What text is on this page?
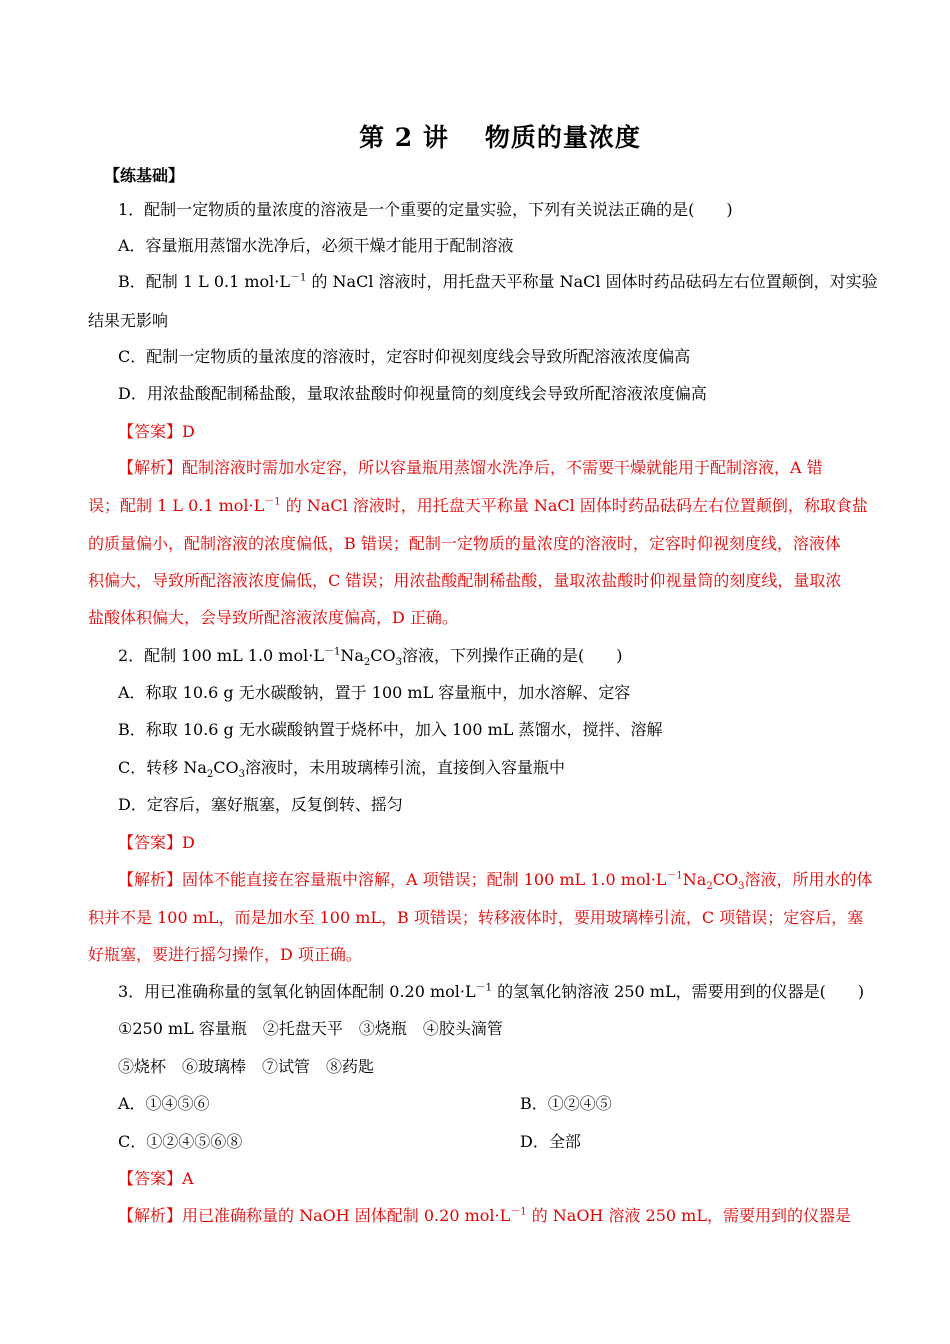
第 2 讲 物质的量浓度
【练基础】
1．配制一定物质的量浓度的溶液是一个重要的定量实验，下列有关说法正确的是(　　)
A．容量瓶用蒸馏水洗净后，必须干燥才能用于配制溶液
B．配制 1 L 0.1 $mol\cdot L^{-1}$ 的 NaCl 溶液时，用托盘天平称量 NaCl 固体时药品砝码左右位置颠倒，对实验
结果无影响
C．配制一定物质的量浓度的溶液时，定容时仰视刻度线会导致所配溶液浓度偏高
D．用浓盐酸配制稀盐酸，量取浓盐酸时仰视量筒的刻度线会导致所配溶液浓度偏高
【答案】D
【解析】配制溶液时需加水定容，所以容量瓶用蒸馏水洗净后，不需要干燥就能用于配制溶液，A 错
误；配制 1 L 0.1 $mol\cdot L^{-1}$ 的 NaCl 溶液时，用托盘天平称量 NaCl 固体时药品砝码左右位置颠倒，称取食盐
的质量偏小，配制溶液的浓度偏低，B 错误；配制一定物质的量浓度的溶液时，定容时仰视刻度线，溶液体
积偏大，导致所配溶液浓度偏低，C 错误；用浓盐酸配制稀盐酸，量取浓盐酸时仰视量筒的刻度线，量取浓
盐酸体积偏大，会导致所配溶液浓度偏高，D 正确。
2．配制 100 mL 1.0 $mol\cdot L^{-1}Na_2CO_3$溶液，下列操作正确的是(　　)
A．称取 10.6 g 无水碳酸钠，置于 100 mL 容量瓶中，加水溶解、定容
B．称取 10.6 g 无水碳酸钠置于烧杯中，加入 100 mL 蒸馏水，搅拌、溶解
C．转移 $Na_2CO_3$溶液时，未用玻璃棒引流，直接倒入容量瓶中
D．定容后，塞好瓶塞，反复倒转、摇匀
【答案】D
【解析】固体不能直接在容量瓶中溶解，A 项错误；配制 100 mL 1.0 $mol\cdot L^{-1}Na_2CO_3$溶液，所用水的体
积并不是 100 mL，而是加水至 100 mL，B 项错误；转移液体时，要用玻璃棒引流，C 项错误；定容后，塞
好瓶塞，要进行摇匀操作，D 项正确。
3．用已准确称量的氢氧化钠固体配制 0.20 $mol\cdot L^{-1}$ 的氢氧化钠溶液 250 mL，需要用到的仪器是(　　)
①250 mL 容量瓶　②托盘天平　③烧瓶　④胶头滴管
⑤烧杯　⑥玻璃棒　⑦试管　⑧药匙
A．①④⑤⑥	B．①②④⑤
C．①②④⑤⑥⑧	D．全部
【答案】A
【解析】用已准确称量的 NaOH 固体配制 0.20 $mol\cdot L^{-1}$ 的 NaOH 溶液 250 mL，需要用到的仪器是
